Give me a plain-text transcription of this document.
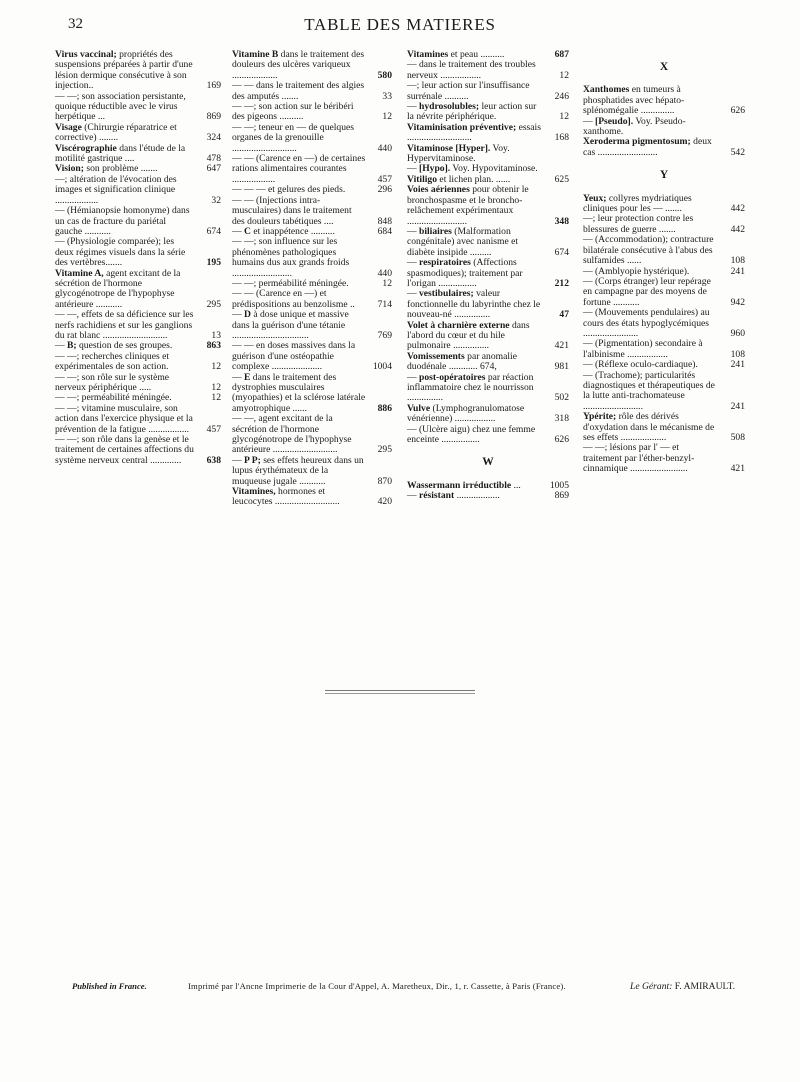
32	TABLE DES MATIERES
Virus vaccinal; propriétés des suspensions préparées à partir d'une lésion dermique consécutive à son injection..	169
— —; son association persistante, quoique réductible avec le virus herpétique ...	869
Visage (Chirurgie réparatrice et corrective) ........	324
Viscérographie dans l'étude de la motilité gastrique ....	478
Vision; son problème .......	647
—; altération de l'évocation des images et signification clinique ..................	32
— (Hémianopsie homonyme) dans un cas de fracture du pariétal gauche ...........	674
— (Physiologie comparée); les deux régimes visuels dans la série des vertèbres.......	195
Vitamine A, agent excitant de la sécrétion de l'hormone glycogénotrope de l'hypophyse antérieure ...........	295
— —, effets de sa déficience sur les nerfs rachidiens et sur les ganglions du rat blanc ...........................	13
— B; question de ses groupes.	863
— —; recherches cliniques et expérimentales de son action.	12
— —; son rôle sur le système nerveux périphérique .....	12
— —; perméabilité méningée.	12
— —; vitamine musculaire, son action dans l'exercice physique et la prévention de la fatigue ................. 457
— —; son rôle dans la genèse et le traitement de certaines affections du système nerveux central .............	638
Vitamine B dans le traitement des douleurs des ulcères variqueux ...................	580
— — dans le traitement des algies des amputés .......	33
— —; son action sur le béribéri des pigeons ..........	12
— —; teneur en — de quelques organes de la grenouille ...........................	440
— — (Carence en —) de certaines rations alimentaires courantes ..................	457
— — — et gelures des pieds.	296
— — (Injections intra-musculaires) dans le traitement des douleurs tabétiques ....	848
— C et inappétence ..........	684
— —; son influence sur les phénomènes pathologiques humains dus aux grands froids .........................	440
— —; perméabilité méningée.	12
— — (Carence en —) et prédispositions au benzolisme .. 714
— D à dose unique et massive dans la guérison d'une tétanie ................................	769
— — en doses massives dans la guérison d'une ostéopathie complexe .....................	1004
— E dans le traitement des dystrophies musculaires (myopathies) et la sclérose latérale amyotrophique ......	886
— —, agent excitant de la sécrétion de l'hormone glycogénotrope de l'hypophyse antérieure ...........................	295
— P P; ses effets heureux dans un lupus érythémateux de la muqueuse jugale ...........	870
Vitamines, hormones et leucocytes ...........................	420
Vitamines et peau ..........	687
— dans le traitement des troubles nerveux .................	12
—; leur action sur l'insuffisance surrénale ..........	246
— hydrosolubles; leur action sur la névrite périphérique.	12
Vitaminisation préventive; essais ...........................	168
Vitaminose [Hyper]. Voy. Hypervitaminose.
— [Hypo]. Voy. Hypovitaminose.
Vitiligo et lichen plan. ......	625
Voies aériennes pour obtenir le bronchospasme et le broncho-relâchement expérimentaux .........................	348
— biliaires (Malformation congénitale) avec nanisme et diabète insipide .........	674
— respiratoires (Affections spasmodiques); traitement par l'origan ................	212
— vestibulaires; valeur fonctionnelle du labyrinthe chez le nouveau-né ...............	47
Volet à charnière externe dans l'abord du cœur et du hile pulmonaire ...............	421
Vomissements par anomalie duodénale ............ 674,	981
— post-opératoires par réaction inflammatoire chez le nourrisson ...............	502
Vulve (Lymphogranulomatose vénérienne) .................	318
— (Ulcère aigu) chez une femme enceinte ................	626
W
Wassermann irréductible ...	1005
— résistant ..................	869
X
Xanthomes en tumeurs à phosphatides avec hépato-splénomégalie ..............	626
— [Pseudo]. Voy. Pseudo-xanthome.
Xeroderma pigmentosum; deux cas .........................	542
Y
Yeux; collyres mydriatiques cliniques pour les — .......	442
—; leur protection contre les blessures de guerre .......	442
— (Accommodation); contracture bilatérale consécutive à l'abus des sulfamides ......	108
— (Amblyopie hystérique).	241
— (Corps étranger) leur repérage en campagne par des moyens de fortune ...........	942
— (Mouvements pendulaires) au cours des états hypoglycémiques .......................	960
— (Pigmentation) secondaire à l'albinisme .................	108
— (Réflexe oculo-cardiaque).	241
— (Trachome); particularités diagnostiques et thérapeutiques de la lutte anti-trachomateuse .........................	241
Ypérite; rôle des dérivés d'oxydation dans le mécanisme de ses effets ...................	508
— —; lésions par l' — et traitement par l'éther-benzyl-cinnamique ........................	421
Published in France.	Imprimé par l'Ancne Imprimerie de la Cour d'Appel, A. Maretheux, Dir., 1, r. Cassette, à Paris (France).	Le Gérant: F. AMIRAULT.
